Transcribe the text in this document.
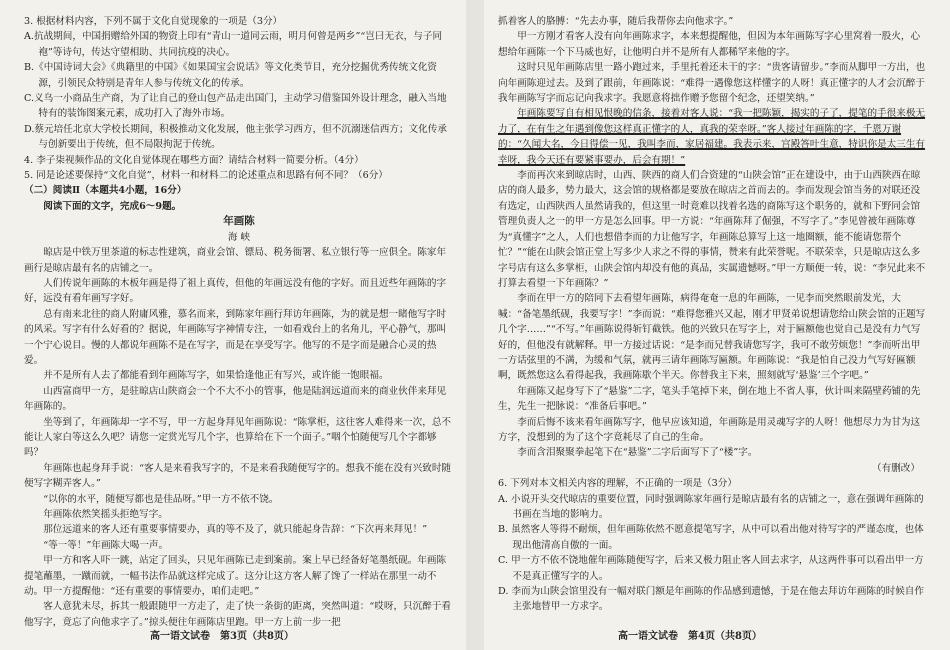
3. 根据材料内容，下列不属于文化自觉现象的一项是（3分）

A.抗战期间，中国捐赠给外国的物资上印有“青山一道同云雨，明月何曾是两乡”“岂曰无衣，与子同袍”等诗句，传达守望相助、共同抗疫的决心。

B.《中国诗词大会》《典籍里的中国》《如果国宝会说话》等文化类节目，充分挖掘优秀传统文化资源，引领民众特别是青年人参与传统文化的传承。

C.义乌一小商品生产商，为了让自己的登山包产品走出国门，主动学习借鉴国外设计理念，融入当地特有的装饰图案元素，成功打入了海外市场。

D.蔡元培任北京大学校长期间，积极推动文化发展，他主张学习西方，但不沉溺迷信西方；文化传承与创新要出于传统，但不局限拘泥于传统。

4. 李子柒视频作品的文化自觉体现在哪些方面？请结合材料一简要分析。（4分）

5. 同是论述要保持“文化自觉”，材料一和材料二的论述重点和思路有何不同？（6分）

（二）阅读Ⅱ（本题共4小题，16分）

阅读下面的文字，完成6～9题。

年画陈

海 峡

晾店是中铁万里茶道的标志性建筑，商业会馆、镖局、税务衙署、私立银行等一应俱全。陈家年画行是晾店最有名的店铺之一。

人们传说年画陈的木板年画是得了祖上真传，但他的年画远没有他的字好。而且近些年画陈的字好，远没有看年画写字好。

总有南来北往的商人附庸风雅，慕名而来，到陈家年画行拜访年画陈，为的就是想一睹他写字时的风采。写字有什么好看的？据说，年画陈写字神情专注，一如看戏台上的名角儿，平心静气，那叫一个宁心说目。慢的人都说年画陈不是在写字，而是在享受写字。他写的不是字而是融合心灵的热爱。

并不是所有人去了都能看到年画陈写字，如果恰逢他正有写兴，或许能一饱眼福。

山西富商甲一方，是驻晾店山陕商会一个不大不小的管事，他是陆润远道而来的商业伙伴来拜见年画陈的。

坐等到了，年画陈却一字不写，甲一方起身拜见年画陈说：“陈掌柜，这往客人难得来一次，总不能让人家白等这么久吧？请您一定赏光写几个字，也算给在下一个面子。”咽个怕随便写几个字都够吗？

年画陈也起身拜手说：“客人是来看我写字的，不是来看我随便写字的。想我不能在没有兴致时随便写字糊弄客人。”

“以你的水平，随便写都也是佳品呀。”甲一方不依不饶。

年画陈依然笑摇头拒绝写字。

那位远道来的客人还有重要事情要办，真的等不及了，就只能起身告辞：“下次再来拜见！”

“等一等！”年画陈大喝一声。

甲一方和客人吓一跳，站定了回头，只见年画陈已走到案前。案上早已经备好笔墨纸砚。年画陈提笔蘸墨，一蹴而就，一幅书法作品就这样完成了。这分让这方客人解了馋了一样站在那里一动不动。甲一方提醒他：“还有重要的事情要办，咱们走吧。”

客人意犹未尽，拆其一般跟随甲一方走了，走了快一条街的距离，突然叫道：“哎呀，只沉醉于看他写字，竟忘了向他求字了。”掠头便往年画陈店里跑。甲一方上前一步一把

抓着客人的胳膊：“先去办事，随后我帮你去向他求字。”

甲一方刚才看客人没有向年画陈求字，本来想提醒他，但因为本年画陈写字心里窝着一股火，心想给年画陈一个下马威也好，让他明白并不是所有人都稀罕来他的字。

这时只见年画陈店里一路小跑过来，手里托着还未干的字：“贵客请留步。”李而从脚甲一方出，也向年画陈迎过去。及到了跟前，年画陈说：“难得一遇像您这样懂字的人呀！真正懂字的人才会沉醉于我年画陈写字而忘记向我求字。我愿意将拙作赠予您留个纪念，还望笑纳。”

年画陈要写自有相见恨晚的信条，接着对客人说：“我一把陈颖，揭实的子了，提笔的手很来极无力了，在有生之年遇到像您这样真正懂字的人，真我的荣幸呀。”客人接过年画陈的字，千恩万谢的：“久闻大名，今日得偿一见，我叫李而，家居福建。我表示来，宫殿答叶生意，特识你是太三生有幸呀，我今天还有要紧事要办，后会有期！”

李而再次来到晾店时，山西、陕西的商人们合资建的“山陕会馆”正在建设中，由于山西陕西在晾店的商人最多，势力最大，这会馆的规格都是要放在晾店之首而去的。李而发现会馆当务的对联还没有选定，山西陕西人虽然请我的，但这里一时竟难以找着名选的商陈写这个职务的，就和下野同会馆管理负责人之一的甲一方是怎么回事。甲一方说：“年画陈拜了倔强，不写字了。”李见曾被年画陈尊为“真懂字”之人，人们也想借李而的力让他写字，年画陈总算写上这一地圈额，能不能请您帮个忙？”“能在山陕会馆正堂上写多少人求之不得的事情，赞来有此荣誉呢。不联荣幸，只是晾店这么多字号店有这么多掌柜，山陕会馆内却没有他的真品，实属遗憾呀。”甲一方顺便一转，说：“李兄此来不打算去看望一下年画陈？”

李而在甲一方的陪同下去看望年画陈，病得奄奄一息的年画陈，一见李而突然眼前发光，大喊：“备笔墨纸砚，我要写字！”李而说：“难得您雅兴又起，刚才甲贤弟说想请您给山陕会馆的正题写几个字……”“不写。”年画陈说得斩钉截铁。他的兴致只在写字上，对于匾额他也觉自己是没有力气写好的，但他没有就解释。甲一方接过话说：“是李而兄替我请您写字，我可不敢劳烦您！”李而听出甲一方话弦里的不满，为缓和气氛，就再三请年画陈写匾额。年画陈说：“我是怕自己没力气写好匾额啊，既然您这么看得起我，我画陈歇个半天。你替我主下来，照刻就写‘悬鉴’三个字吧。”

年画陈又起身写下了“悬鉴”二字，笔头手笔掉下来，倒在地上不省人事，伙计叫来隔壁药铺的先生，先生一把脉说：“准备后事吧。”

李而后悔不该来看年画陈写字，他早应该知道，年画陈是用灵魂写字的人呀！他想尽力为甘为这方字，没想到的为了这个字竟耗尽了自己的生命。

李而含泪聚聚拳起笔下在“悬鉴”二字后面写下了“楼”字。

（有删改）

6. 下列对本文相关内容的理解，不正确的一项是（3分）

A. 小说开头交代晾店的重要位置，同时强调陈家年画行是晾店最有名的店铺之一，意在强调年画陈的书画在当地的影响力。

B. 虽然客人等得不耐烦，但年画陈依然不愿意提笔写字，从中可以看出他对待写字的严谨态度，也体现出他清高自傲的一面。

C. 甲一方不依不饶地催年画陈随便写字，后来又极力阻止客人回去求字，从这两件事可以看出甲一方不是真正懂写字的人。

D. 李而为山陕会馆里没有一幅对联门额是年画陈的作品感到遗憾，于是在他去拜访年画陈的时候自作主张地替甲一方求字。

高一语文试卷　第3页（共8页）	高一语文试卷　第4页（共8页）
